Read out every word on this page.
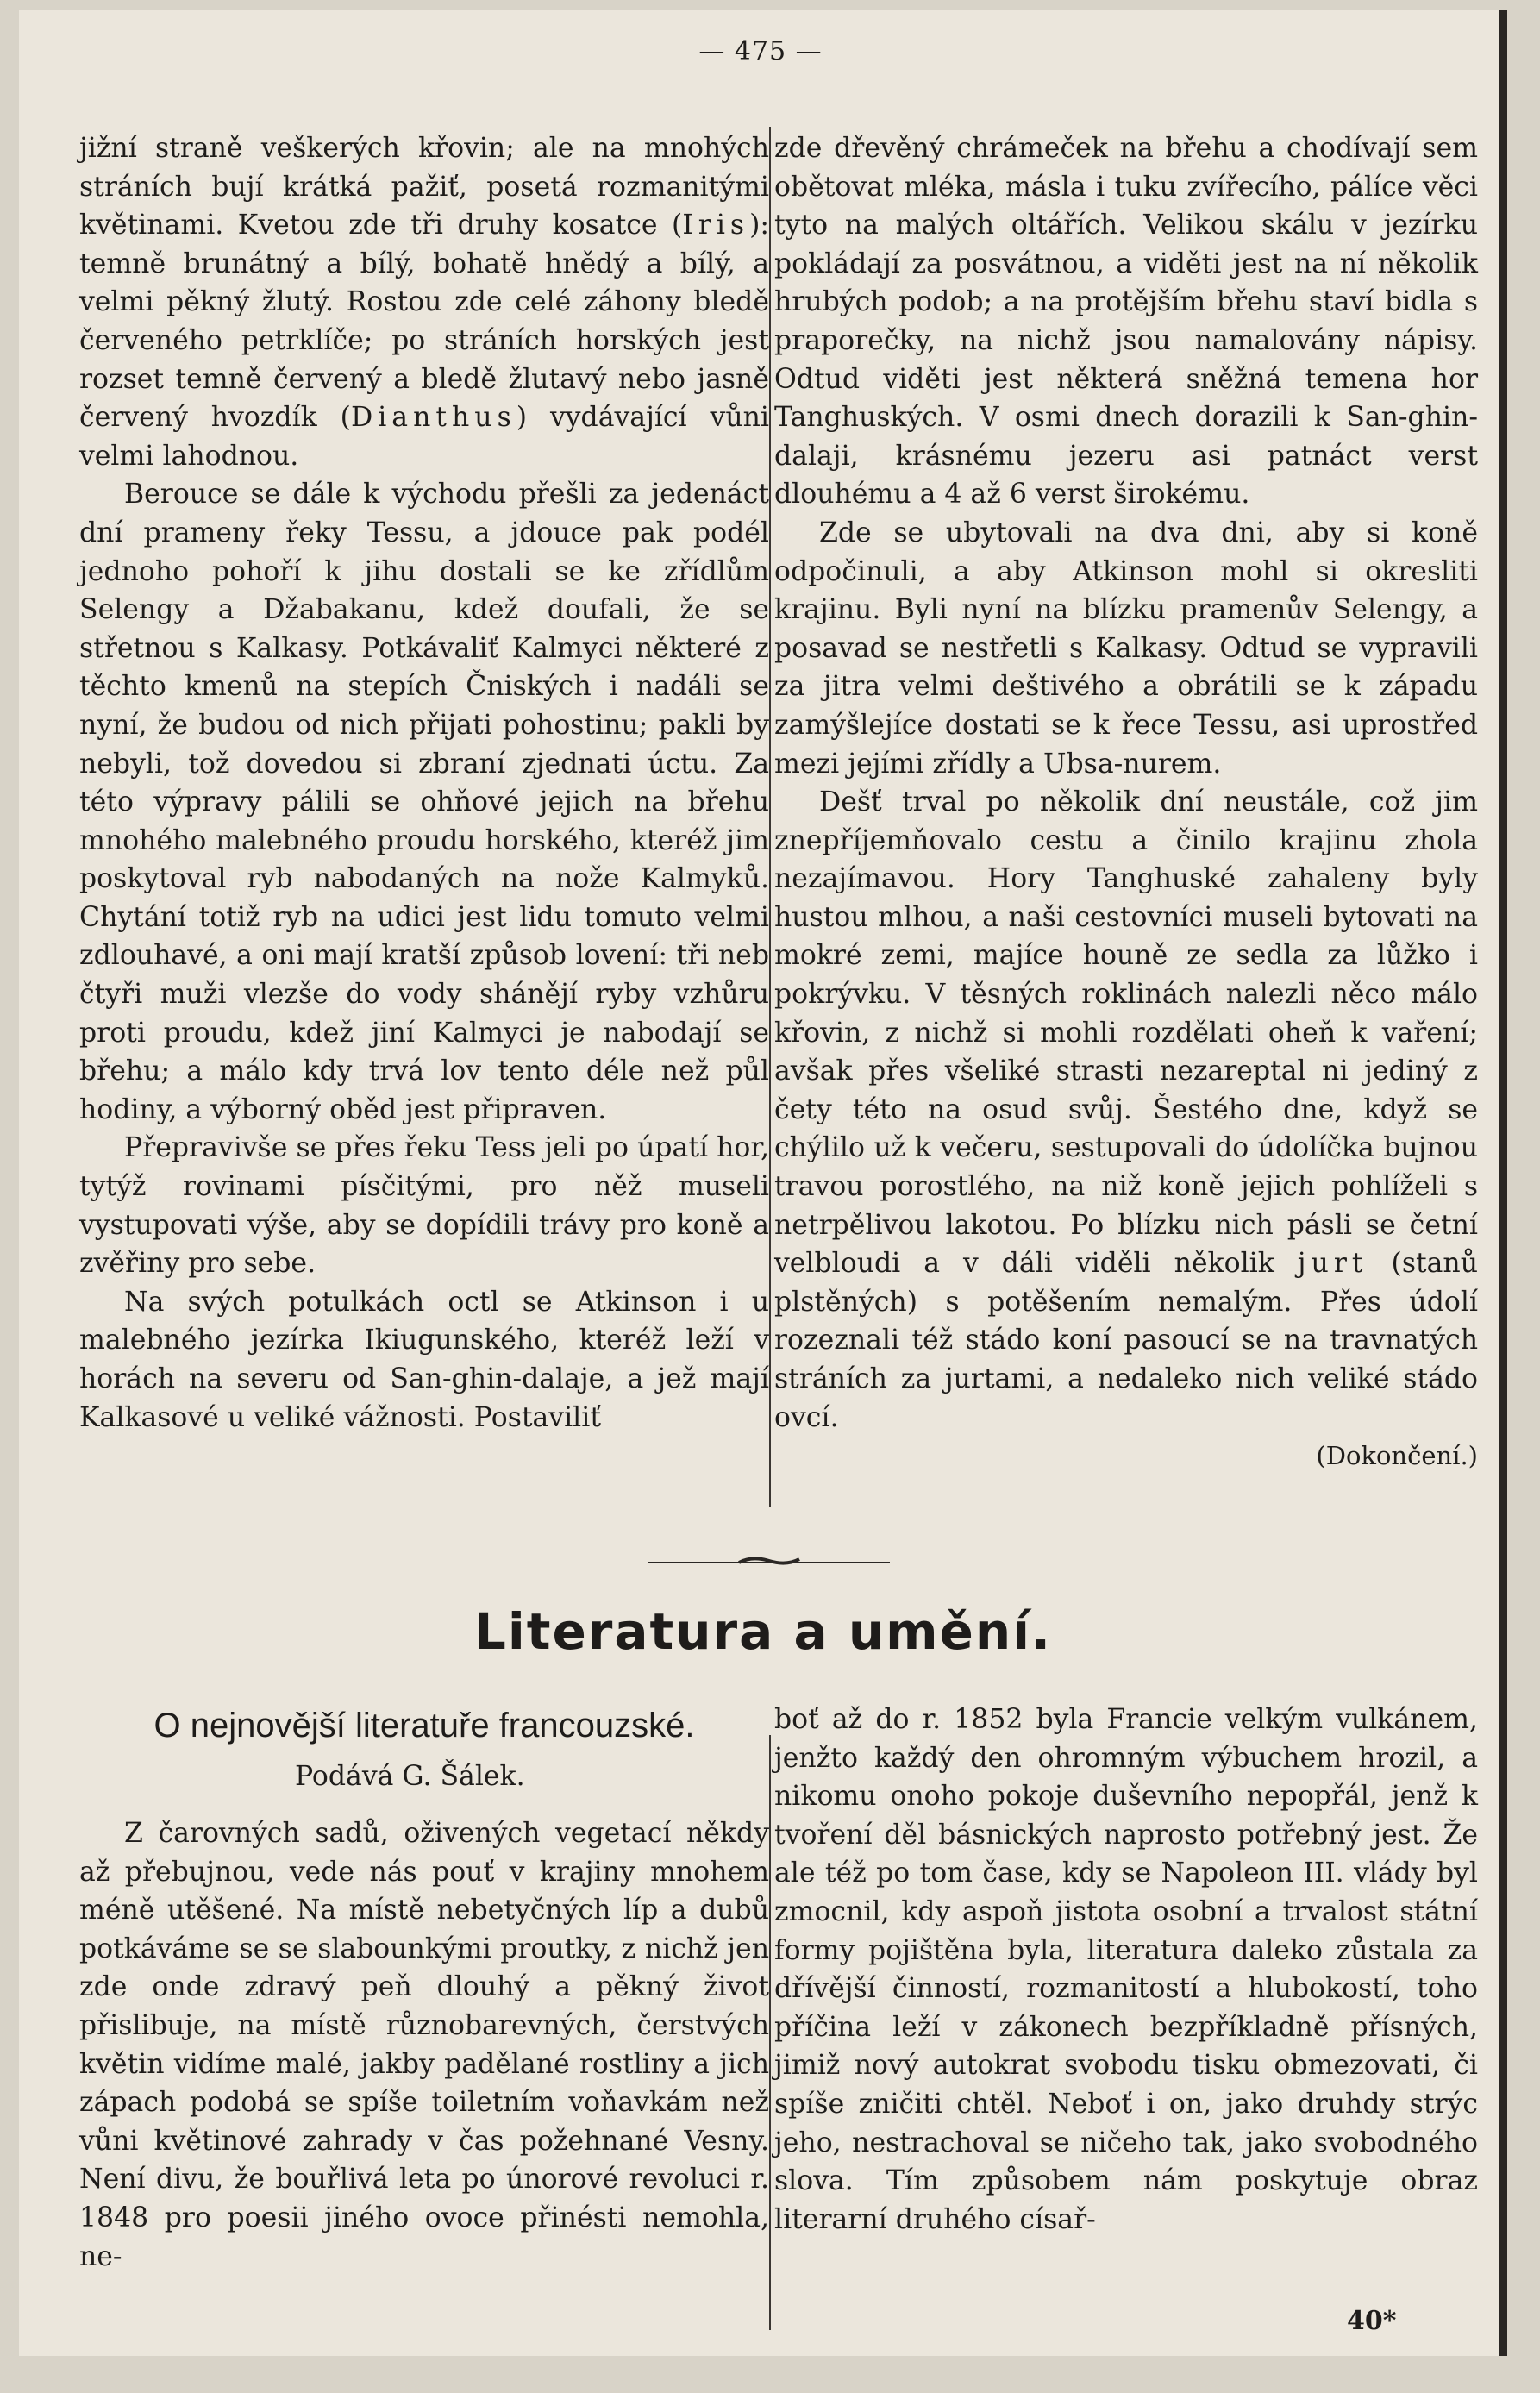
— 475 —

jižní straně veškerých křovin; ale na mnohých stráních bují krátká pažiť, posetá rozmanitými květinami. Kvetou zde tři druhy kosatce (Iris): temně brunátný a bílý, bohatě hnědý a bílý, a velmi pěkný žlutý. Rostou zde celé záhony bledě červeného petrklíče; po stráních horských jest rozset temně červený a bledě žlutavý nebo jasně červený hvozdík (Dianthus) vydávající vůni velmi lahodnou.

Berouce se dále k východu přešli za jedenáct dní prameny řeky Tessu, a jdouce pak podél jednoho pohoří k jihu dostali se ke zřídlům Selengy a Džabakanu, kdež doufali, že se střetnou s Kalkasy. Potkávaliť Kalmyci některé z těchto kmenů na stepích Čniských i nadáli se nyní, že budou od nich přijati pohostinu; pakli by nebyli, tož dovedou si zbraní zjednati úctu. Za této výpravy pálili se ohňové jejich na břehu mnohého malebného proudu horského, kteréž jim poskytoval ryb nabodaných na nože Kalmyků. Chytání totiž ryb na udici jest lidu tomuto velmi zdlouhavé, a oni mají kratší způsob lovení: tři neb čtyři muži vlezše do vody shánějí ryby vzhůru proti proudu, kdež jiní Kalmyci je nabodají se břehu; a málo kdy trvá lov tento déle než půl hodiny, a výborný oběd jest připraven.

Přepravivše se přes řeku Tess jeli po úpatí hor, tytýž rovinami písčitými, pro něž museli vystupovati výše, aby se dopídili trávy pro koně a zvěřiny pro sebe.

Na svých potulkách octl se Atkinson i u malebného jezírka Ikiugunského, kteréž leží v horách na severu od San-ghin-dalaje, a jež mají Kalkasové u veliké vážnosti. Postaviliť

zde dřevěný chrámeček na břehu a chodívají sem obětovat mléka, másla i tuku zvířecího, pálíce věci tyto na malých oltářích. Velikou skálu v jezírku pokládají za posvátnou, a viděti jest na ní několik hrubých podob; a na protějším břehu staví bidla s praporečky, na nichž jsou namalovány nápisy. Odtud viděti jest některá sněžná temena hor Tanghuských. V osmi dnech dorazili k San-ghin-dalaji, krásnému jezeru asi patnáct verst dlouhému a 4 až 6 verst širokému.

Zde se ubytovali na dva dni, aby si koně odpočinuli, a aby Atkinson mohl si okresliti krajinu. Byli nyní na blízku pramenův Selengy, a posavad se nestřetli s Kalkasy. Odtud se vypravili za jitra velmi deštivého a obrátili se k západu zamýšlejíce dostati se k řece Tessu, asi uprostřed mezi jejími zřídly a Ubsa-nurem.

Dešť trval po několik dní neustále, což jim znepříjemňovalo cestu a činilo krajinu zhola nezajímavou. Hory Tanghuské zahaleny byly hustou mlhou, a naši cestovníci museli bytovati na mokré zemi, majíce houně ze sedla za lůžko i pokrývku. V těsných roklinách nalezli něco málo křovin, z nichž si mohli rozdělati oheň k vaření; avšak přes všeliké strasti nezareptal ni jediný z čety této na osud svůj. Šestého dne, když se chýlilo už k večeru, sestupovali do údolíčka bujnou travou porostlého, na niž koně jejich pohlíželi s netrpělivou lakotou. Po blízku nich pásli se četní velbloudi a v dáli viděli několik jurt (stanů plstěných) s potěšením nemalým. Přes údolí rozeznali též stádo koní pasoucí se na travnatých stráních za jurtami, a nedaleko nich veliké stádo ovcí.

(Dokončení.)
Literatura a umění.
O nejnovější literatuře francouzské.
Podává G. Šálek.

Z čarovných sadů, oživených vegetací někdy až přebujnou, vede nás pouť v krajiny mnohem méně utěšené. Na místě nebetyčných líp a dubů potkáváme se se slabounkými proutky, z nichž jen zde onde zdravý peň dlouhý a pěkný život přislibuje, na místě různobarevných, čerstvých květin vidíme malé, jakby padělané rostliny a jich zápach podobá se spíše toiletním voňavkám než vůni květinové zahrady v čas požehnané Vesny. Není divu, že bouřlivá leta po únorové revoluci r. 1848 pro poesii jiného ovoce přinésti nemohla, ne-

boť až do r. 1852 byla Francie velkým vulkánem, jenžto každý den ohromným výbuchem hrozil, a nikomu onoho pokoje duševního nepopřál, jenž k tvoření děl básnických naprosto potřebný jest. Že ale též po tom čase, kdy se Napoleon III. vlády byl zmocnil, kdy aspoň jistota osobní a trvalost státní formy pojištěna byla, literatura daleko zůstala za dřívější činností, rozmanitostí a hlubokostí, toho příčina leží v zákonech bezpříkladně přísných, jimiž nový autokrat svobodu tisku obmezovati, či spíše zničiti chtěl. Neboť i on, jako druhdy strýc jeho, nestrachoval se ničeho tak, jako svobodného slova. Tím způsobem nám poskytuje obraz literarní druhého císař-

40*
